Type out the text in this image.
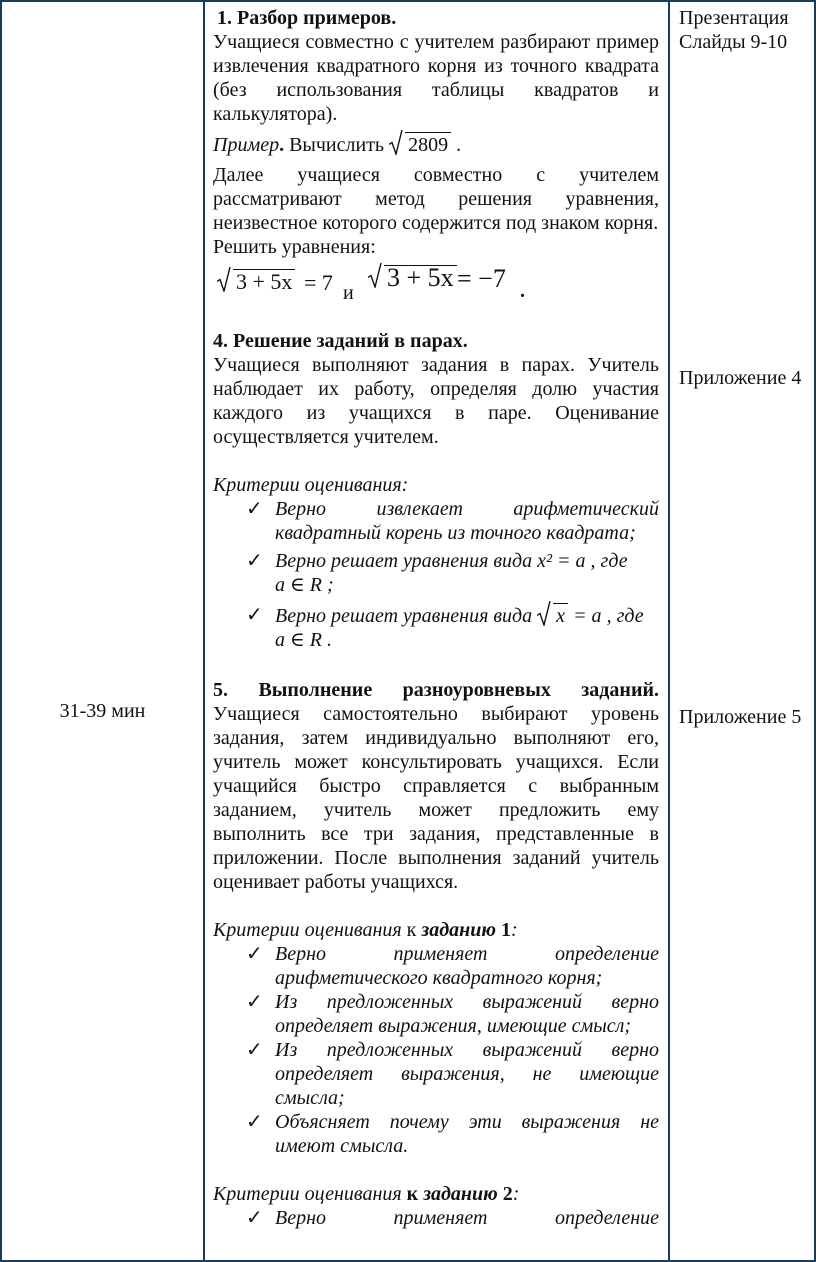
31-39 мин
Презентация
Слайды 9-10
Приложение 4
Приложение 5
1. Разбор примеров.
Учащиеся совместно с учителем разбирают пример извлечения квадратного корня из точного квадрата (без использования таблицы квадратов и калькулятора).
Пример. Вычислить
2809 .
Далее учащиеся совместно с учителем рассматривают метод решения уравнения, неизвестное которого содержится под знаком корня.
Решить уравнения:
3 + 5x = 7 и
3 + 5x = −7 .
4. Решение заданий в парах.
Учащиеся выполняют задания в парах. Учитель наблюдает их работу, определяя долю участия каждого из учащихся в паре. Оценивание осуществляется учителем.
Критерии оценивания:
✓ Верно извлекает арифметический квадратный корень из точного квадрата;
✓ Верно решает уравнения вида x² = a , где
a ∈ R ;
✓ Верно решает уравнения вида
x = a , где
a ∈ R .
5. Выполнение разноуровневых заданий.
Учащиеся самостоятельно выбирают уровень задания, затем индивидуально выполняют его, учитель может консультировать учащихся. Если учащийся быстро справляется с выбранным заданием, учитель может предложить ему выполнить все три задания, представленные в приложении. После выполнения заданий учитель оценивает работы учащихся.
Критерии оценивания к заданию 1:
✓ Верно применяет определение арифметического квадратного корня;
✓ Из предложенных выражений верно определяет выражения, имеющие смысл;
✓ Из предложенных выражений верно определяет выражения, не имеющие смысла;
✓ Объясняет почему эти выражения не имеют смысла.
Критерии оценивания к заданию 2:
✓ Верно применяет определение
